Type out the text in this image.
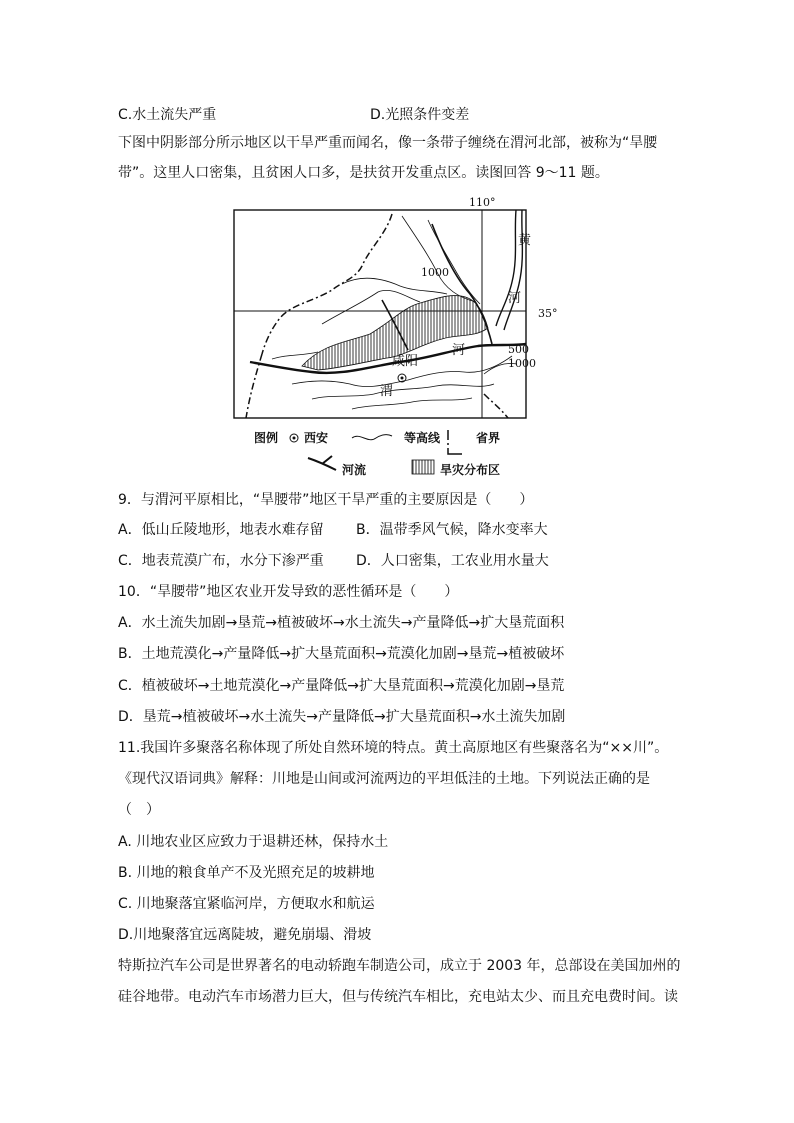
C.水土流失严重	D.光照条件变差
下图中阴影部分所示地区以干旱严重而闻名，像一条带子缠绕在渭河北部，被称为“旱腰
带”。这里人口密集，且贫困人口多，是扶贫开发重点区。读图回答 9～11 题。
110°
35°
1000
500
1000
黄
河
河
咸阳
渭
图例 西安	等高线	省界
河流	旱灾分布区
9．与渭河平原相比，“旱腰带”地区干旱严重的主要原因是（　　）
A．低山丘陵地形，地表水难存留 B．温带季风气候，降水变率大
C．地表荒漠广布，水分下渗严重 D．人口密集，工农业用水量大
10．“旱腰带”地区农业开发导致的恶性循环是（　　）
A．水土流失加剧→垦荒→植被破坏→水土流失→产量降低→扩大垦荒面积
B．土地荒漠化→产量降低→扩大垦荒面积→荒漠化加剧→垦荒→植被破坏
C．植被破坏→土地荒漠化→产量降低→扩大垦荒面积→荒漠化加剧→垦荒
D．垦荒→植被破坏→水土流失→产量降低→扩大垦荒面积→水土流失加剧
11.我国许多聚落名称体现了所处自然环境的特点。黄土高原地区有些聚落名为“××川”。
《现代汉语词典》解释：川地是山间或河流两边的平坦低洼的土地。下列说法正确的是
（　）
A. 川地农业区应致力于退耕还林，保持水土
B. 川地的粮食单产不及光照充足的坡耕地
C. 川地聚落宜紧临河岸，方便取水和航运
D.川地聚落宜远离陡坡，避免崩塌、滑坡
特斯拉汽车公司是世界著名的电动轿跑车制造公司，成立于 2003 年，总部设在美国加州的
硅谷地带。电动汽车市场潜力巨大，但与传统汽车相比，充电站太少、而且充电费时间。读
